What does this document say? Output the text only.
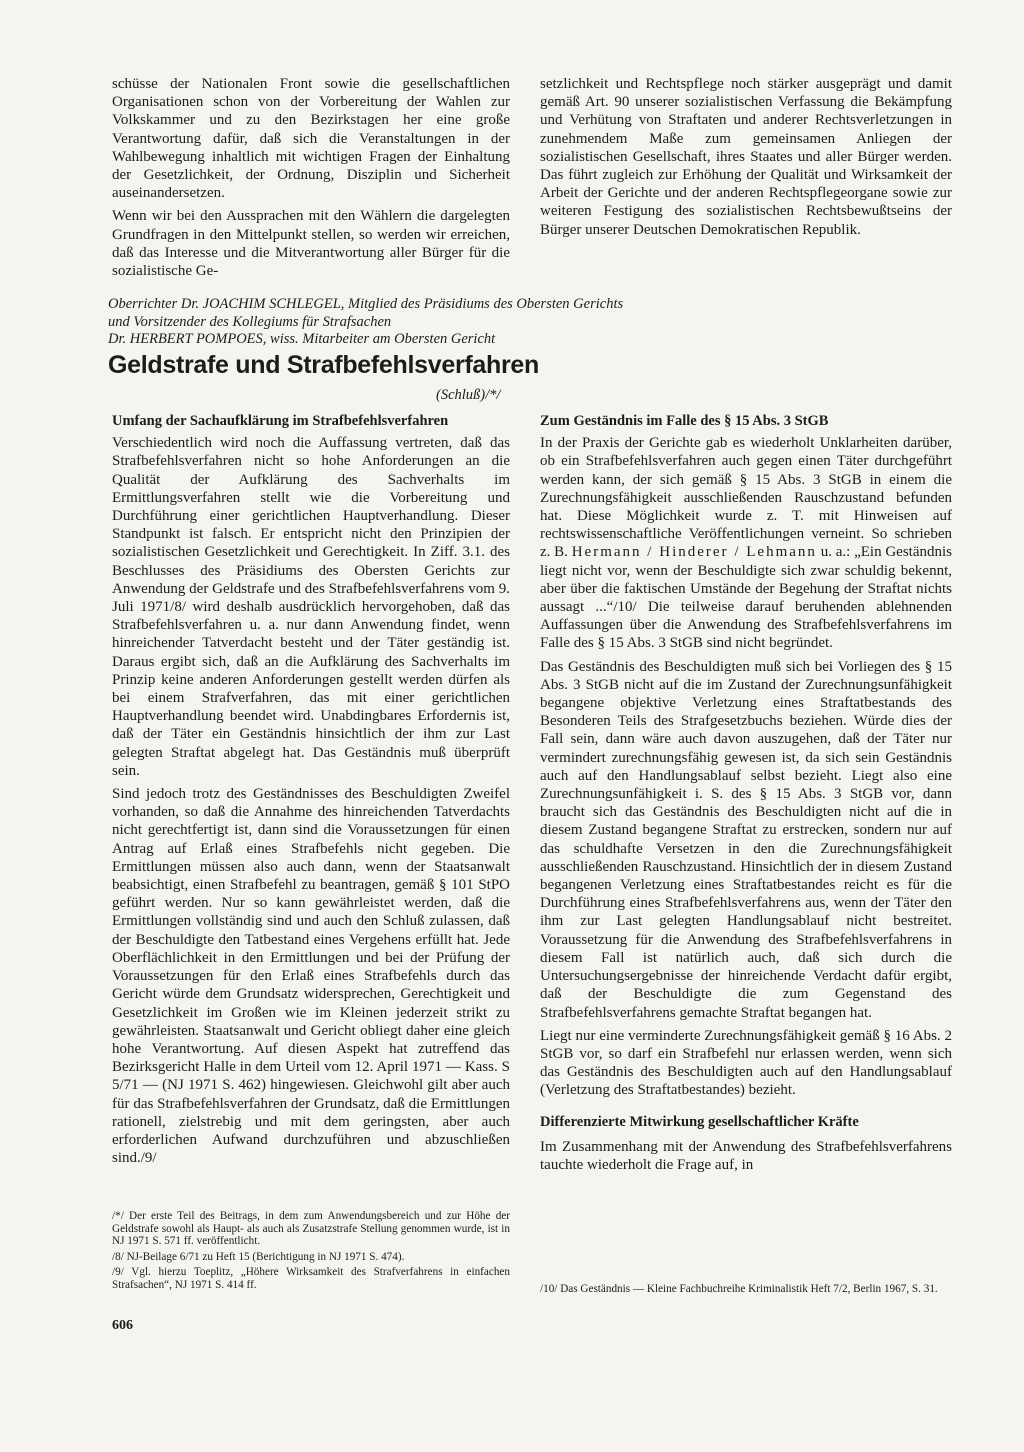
schüsse der Nationalen Front sowie die gesellschaftlichen Organisationen schon von der Vorbereitung der Wahlen zur Volkskammer und zu den Bezirkstagen her eine große Verantwortung dafür, daß sich die Veranstaltungen in der Wahlbewegung inhaltlich mit wichtigen Fragen der Einhaltung der Gesetzlichkeit, der Ordnung, Disziplin und Sicherheit auseinandersetzen.

Wenn wir bei den Aussprachen mit den Wählern die dargelegten Grundfragen in den Mittelpunkt stellen, so werden wir erreichen, daß das Interesse und die Mitverantwortung aller Bürger für die sozialistische Ge-

setzlichkeit und Rechtspflege noch stärker ausgeprägt und damit gemäß Art. 90 unserer sozialistischen Verfassung die Bekämpfung und Verhütung von Straftaten und anderer Rechtsverletzungen in zunehmendem Maße zum gemeinsamen Anliegen der sozialistischen Gesellschaft, ihres Staates und aller Bürger werden. Das führt zugleich zur Erhöhung der Qualität und Wirksamkeit der Arbeit der Gerichte und der anderen Rechtspflegeorgane sowie zur weiteren Festigung des sozialistischen Rechtsbewußtseins der Bürger unserer Deutschen Demokratischen Republik.

Oberrichter Dr. JOACHIM SCHLEGEL, Mitglied des Präsidiums des Obersten Gerichts
und Vorsitzender des Kollegiums für Strafsachen
Dr. HERBERT POMPOES, wiss. Mitarbeiter am Obersten Gericht
Geldstrafe und Strafbefehlsverfahren
(Schluß)/*/
Umfang der Sachaufklärung im Strafbefehlsverfahren

Verschiedentlich wird noch die Auffassung vertreten, daß das Strafbefehlsverfahren nicht so hohe Anforderungen an die Qualität der Aufklärung des Sachverhalts im Ermittlungsverfahren stellt wie die Vorbereitung und Durchführung einer gerichtlichen Hauptverhandlung. Dieser Standpunkt ist falsch. Er entspricht nicht den Prinzipien der sozialistischen Gesetzlichkeit und Gerechtigkeit. In Ziff. 3.1. des Beschlusses des Präsidiums des Obersten Gerichts zur Anwendung der Geldstrafe und des Strafbefehlsverfahrens vom 9. Juli 1971/8/ wird deshalb ausdrücklich hervorgehoben, daß das Strafbefehlsverfahren u. a. nur dann Anwendung findet, wenn hinreichender Tatverdacht besteht und der Täter geständig ist. Daraus ergibt sich, daß an die Aufklärung des Sachverhalts im Prinzip keine anderen Anforderungen gestellt werden dürfen als bei einem Strafverfahren, das mit einer gerichtlichen Hauptverhandlung beendet wird. Unabdingbares Erfordernis ist, daß der Täter ein Geständnis hinsichtlich der ihm zur Last gelegten Straftat abgelegt hat. Das Geständnis muß überprüft sein.

Sind jedoch trotz des Geständnisses des Beschuldigten Zweifel vorhanden, so daß die Annahme des hinreichenden Tatverdachts nicht gerechtfertigt ist, dann sind die Voraussetzungen für einen Antrag auf Erlaß eines Strafbefehls nicht gegeben. Die Ermittlungen müssen also auch dann, wenn der Staatsanwalt beabsichtigt, einen Strafbefehl zu beantragen, gemäß § 101 StPO geführt werden. Nur so kann gewährleistet werden, daß die Ermittlungen vollständig sind und auch den Schluß zulassen, daß der Beschuldigte den Tatbestand eines Vergehens erfüllt hat. Jede Oberflächlichkeit in den Ermittlungen und bei der Prüfung der Voraussetzungen für den Erlaß eines Strafbefehls durch das Gericht würde dem Grundsatz widersprechen, Gerechtigkeit und Gesetzlichkeit im Großen wie im Kleinen jederzeit strikt zu gewährleisten. Staatsanwalt und Gericht obliegt daher eine gleich hohe Verantwortung. Auf diesen Aspekt hat zutreffend das Bezirksgericht Halle in dem Urteil vom 12. April 1971 — Kass. S 5/71 — (NJ 1971 S. 462) hingewiesen. Gleichwohl gilt aber auch für das Strafbefehlsverfahren der Grundsatz, daß die Ermittlungen rationell, zielstrebig und mit dem geringsten, aber auch erforderlichen Aufwand durchzuführen und abzuschließen sind./9/

/*/ Der erste Teil des Beitrags, in dem zum Anwendungsbereich und zur Höhe der Geldstrafe sowohl als Haupt- als auch als Zusatzstrafe Stellung genommen wurde, ist in NJ 1971 S. 571 ff. veröffentlicht.

/8/ NJ-Beilage 6/71 zu Heft 15 (Berichtigung in NJ 1971 S. 474).

/9/ Vgl. hierzu Toeplitz, „Höhere Wirksamkeit des Strafverfahrens in einfachen Strafsachen“, NJ 1971 S. 414 ff.

606
Zum Geständnis im Falle des § 15 Abs. 3 StGB

In der Praxis der Gerichte gab es wiederholt Unklarheiten darüber, ob ein Strafbefehlsverfahren auch gegen einen Täter durchgeführt werden kann, der sich gemäß § 15 Abs. 3 StGB in einem die Zurechnungsfähigkeit ausschließenden Rauschzustand befunden hat. Diese Möglichkeit wurde z. T. mit Hinweisen auf rechtswissenschaftliche Veröffentlichungen verneint. So schrieben z. B. Hermann / Hinderer / Lehmann u. a.: „Ein Geständnis liegt nicht vor, wenn der Beschuldigte sich zwar schuldig bekennt, aber über die faktischen Umstände der Begehung der Straftat nichts aussagt ...“/10/ Die teilweise darauf beruhenden ablehnenden Auffassungen über die Anwendung des Strafbefehlsverfahrens im Falle des § 15 Abs. 3 StGB sind nicht begründet.

Das Geständnis des Beschuldigten muß sich bei Vorliegen des § 15 Abs. 3 StGB nicht auf die im Zustand der Zurechnungsunfähigkeit begangene objektive Verletzung eines Straftatbestands des Besonderen Teils des Strafgesetzbuchs beziehen. Würde dies der Fall sein, dann wäre auch davon auszugehen, daß der Täter nur vermindert zurechnungsfähig gewesen ist, da sich sein Geständnis auch auf den Handlungsablauf selbst bezieht. Liegt also eine Zurechnungsunfähigkeit i. S. des § 15 Abs. 3 StGB vor, dann braucht sich das Geständnis des Beschuldigten nicht auf die in diesem Zustand begangene Straftat zu erstrecken, sondern nur auf das schuldhafte Versetzen in den die Zurechnungsfähigkeit ausschließenden Rauschzustand. Hinsichtlich der in diesem Zustand begangenen Verletzung eines Straftatbestandes reicht es für die Durchführung eines Strafbefehlsverfahrens aus, wenn der Täter den ihm zur Last gelegten Handlungsablauf nicht bestreitet. Voraussetzung für die Anwendung des Strafbefehlsverfahrens in diesem Fall ist natürlich auch, daß sich durch die Untersuchungsergebnisse der hinreichende Verdacht dafür ergibt, daß der Beschuldigte die zum Gegenstand des Strafbefehlsverfahrens gemachte Straftat begangen hat.

Liegt nur eine verminderte Zurechnungsfähigkeit gemäß § 16 Abs. 2 StGB vor, so darf ein Strafbefehl nur erlassen werden, wenn sich das Geständnis des Beschuldigten auch auf den Handlungsablauf (Verletzung des Straftatbestandes) bezieht.

Differenzierte Mitwirkung gesellschaftlicher Kräfte

Im Zusammenhang mit der Anwendung des Strafbefehlsverfahrens tauchte wiederholt die Frage auf, in

/10/ Das Geständnis — Kleine Fachbuchreihe Kriminalistik Heft 7/2, Berlin 1967, S. 31.
